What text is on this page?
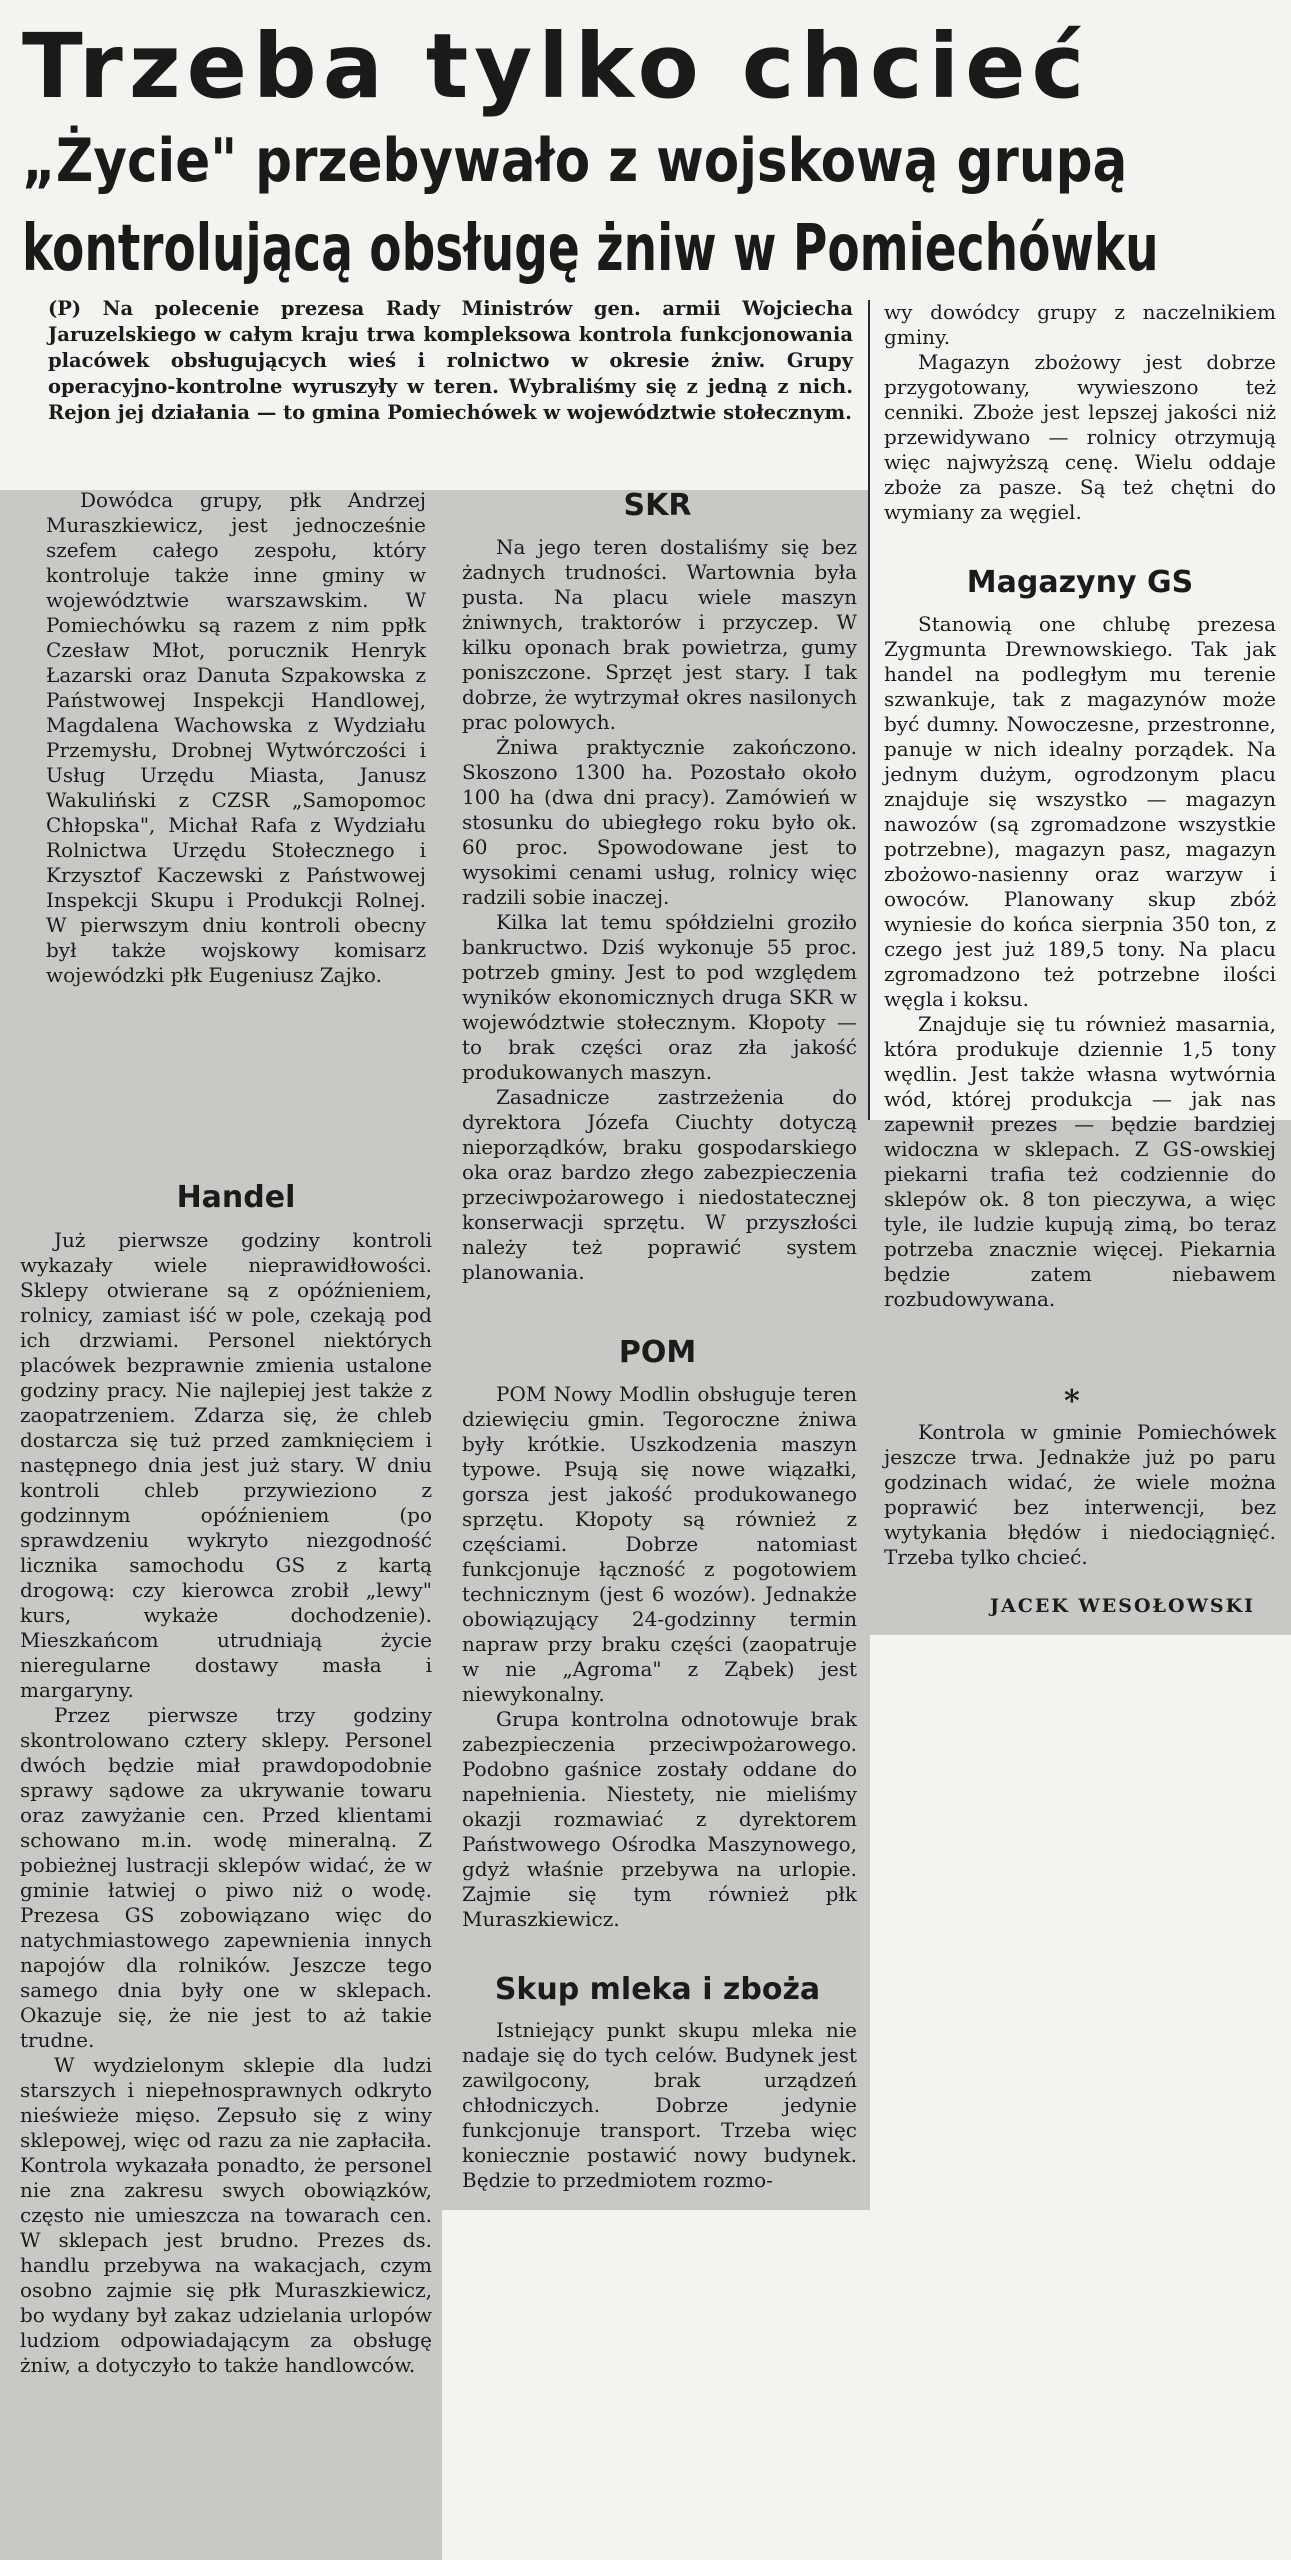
Trzeba tylko chcieć
„Życie" przebywało z wojskową grupą
kontrolującą obsługę żniw w Pomiechówku

(P) Na polecenie prezesa Rady Ministrów gen. armii Wojciecha Jaruzelskiego w całym kraju trwa kompleksowa kontrola funkcjonowania placówek obsługujących wieś i rolnictwo w okresie żniw. Grupy operacyjno-kontrolne wyruszyły w teren. Wybraliśmy się z jedną z nich. Rejon jej działania — to gmina Pomiechówek w województwie stołecznym.

Dowódca grupy, płk Andrzej Muraszkiewicz, jest jednocześnie szefem całego zespołu, który kontroluje także inne gminy w województwie warszawskim. W Pomiechówku są razem z nim ppłk Czesław Młot, porucznik Henryk Łazarski oraz Danuta Szpakowska z Państwowej Inspekcji Handlowej, Magdalena Wachowska z Wydziału Przemysłu, Drobnej Wytwórczości i Usług Urzędu Miasta, Janusz Wakuliński z CZSR „Samopomoc Chłopska", Michał Rafa z Wydziału Rolnictwa Urzędu Stołecznego i Krzysztof Kaczewski z Państwowej Inspekcji Skupu i Produkcji Rolnej. W pierwszym dniu kontroli obecny był także wojskowy komisarz wojewódzki płk Eugeniusz Zajko.

Handel

Już pierwsze godziny kontroli wykazały wiele nieprawidłowości. Sklepy otwierane są z opóźnieniem, rolnicy, zamiast iść w pole, czekają pod ich drzwiami. Personel niektórych placówek bezprawnie zmienia ustalone godziny pracy. Nie najlepiej jest także z zaopatrzeniem. Zdarza się, że chleb dostarcza się tuż przed zamknięciem i następnego dnia jest już stary. W dniu kontroli chleb przywieziono z godzinnym opóźnieniem (po sprawdzeniu wykryto niezgodność licznika samochodu GS z kartą drogową: czy kierowca zrobił „lewy" kurs, wykaże dochodzenie). Mieszkańcom utrudniają życie nieregularne dostawy masła i margaryny.

Przez pierwsze trzy godziny skontrolowano cztery sklepy. Personel dwóch będzie miał prawdopodobnie sprawy sądowe za ukrywanie towaru oraz zawyżanie cen. Przed klientami schowano m.in. wodę mineralną. Z pobieżnej lustracji sklepów widać, że w gminie łatwiej o piwo niż o wodę. Prezesa GS zobowiązano więc do natychmiastowego zapewnienia innych napojów dla rolników. Jeszcze tego samego dnia były one w sklepach. Okazuje się, że nie jest to aż takie trudne.

W wydzielonym sklepie dla ludzi starszych i niepełnosprawnych odkryto nieświeże mięso. Zepsuło się z winy sklepowej, więc od razu za nie zapłaciła. Kontrola wykazała ponadto, że personel nie zna zakresu swych obowiązków, często nie umieszcza na towarach cen. W sklepach jest brudno. Prezes ds. handlu przebywa na wakacjach, czym osobno zajmie się płk Muraszkiewicz, bo wydany był zakaz udzielania urlopów ludziom odpowiadającym za obsługę żniw, a dotyczyło to także handlowców.

SKR

Na jego teren dostaliśmy się bez żadnych trudności. Wartownia była pusta. Na placu wiele maszyn żniwnych, traktorów i przyczep. W kilku oponach brak powietrza, gumy poniszczone. Sprzęt jest stary. I tak dobrze, że wytrzymał okres nasilonych prac polowych.

Żniwa praktycznie zakończono. Skoszono 1300 ha. Pozostało około 100 ha (dwa dni pracy). Zamówień w stosunku do ubiegłego roku było ok. 60 proc. Spowodowane jest to wysokimi cenami usług, rolnicy więc radzili sobie inaczej.

Kilka lat temu spółdzielni groziło bankructwo. Dziś wykonuje 55 proc. potrzeb gminy. Jest to pod względem wyników ekonomicznych druga SKR w województwie stołecznym. Kłopoty — to brak części oraz zła jakość produkowanych maszyn.

Zasadnicze zastrzeżenia do dyrektora Józefa Ciuchty dotyczą nieporządków, braku gospodarskiego oka oraz bardzo złego zabezpieczenia przeciwpożarowego i niedostatecznej konserwacji sprzętu. W przyszłości należy też poprawić system planowania.

POM

POM Nowy Modlin obsługuje teren dziewięciu gmin. Tegoroczne żniwa były krótkie. Uszkodzenia maszyn typowe. Psują się nowe wiązałki, gorsza jest jakość produkowanego sprzętu. Kłopoty są również z częściami. Dobrze natomiast funkcjonuje łączność z pogotowiem technicznym (jest 6 wozów). Jednakże obowiązujący 24-godzinny termin napraw przy braku części (zaopatruje w nie „Agroma" z Ząbek) jest niewykonalny.

Grupa kontrolna odnotowuje brak zabezpieczenia przeciwpożarowego. Podobno gaśnice zostały oddane do napełnienia. Niestety, nie mieliśmy okazji rozmawiać z dyrektorem Państwowego Ośrodka Maszynowego, gdyż właśnie przebywa na urlopie. Zajmie się tym również płk Muraszkiewicz.

Skup mleka i zboża

Istniejący punkt skupu mleka nie nadaje się do tych celów. Budynek jest zawilgocony, brak urządzeń chłodniczych. Dobrze jedynie funkcjonuje transport. Trzeba więc koniecznie postawić nowy budynek. Będzie to przedmiotem rozmo-

wy dowódcy grupy z naczelnikiem gminy.

Magazyn zbożowy jest dobrze przygotowany, wywieszono też cenniki. Zboże jest lepszej jakości niż przewidywano — rolnicy otrzymują więc najwyższą cenę. Wielu oddaje zboże za pasze. Są też chętni do wymiany za węgiel.

Magazyny GS

Stanowią one chlubę prezesa Zygmunta Drewnowskiego. Tak jak handel na podległym mu terenie szwankuje, tak z magazynów może być dumny. Nowoczesne, przestronne, panuje w nich idealny porządek. Na jednym dużym, ogrodzonym placu znajduje się wszystko — magazyn nawozów (są zgromadzone wszystkie potrzebne), magazyn pasz, magazyn zbożowo-nasienny oraz warzyw i owoców. Planowany skup zbóż wyniesie do końca sierpnia 350 ton, z czego jest już 189,5 tony. Na placu zgromadzono też potrzebne ilości węgla i koksu.

Znajduje się tu również masarnia, która produkuje dziennie 1,5 tony wędlin. Jest także własna wytwórnia wód, której produkcja — jak nas zapewnił prezes — będzie bardziej widoczna w sklepach. Z GS-owskiej piekarni trafia też codziennie do sklepów ok. 8 ton pieczywa, a więc tyle, ile ludzie kupują zimą, bo teraz potrzeba znacznie więcej. Piekarnia będzie zatem niebawem rozbudowywana.

*

Kontrola w gminie Pomiechówek jeszcze trwa. Jednakże już po paru godzinach widać, że wiele można poprawić bez interwencji, bez wytykania błędów i niedociągnięć. Trzeba tylko chcieć.

JACEK WESOŁOWSKI
